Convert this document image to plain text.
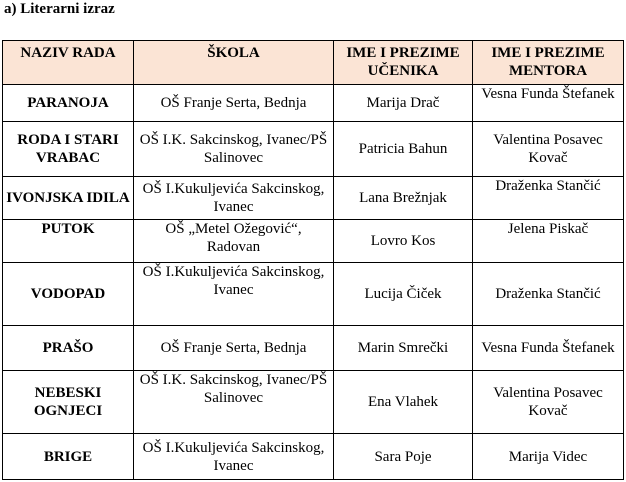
a) Literarni izraz
NAZIV RADA	ŠKOLA	IME I PREZIME UČENIKA	IME I PREZIME MENTORA
PARANOJA	OŠ Franje Serta, Bednja	Marija Drač	Vesna Funda Štefanek
RODA I STARI VRABAC	OŠ I.K. Sakcinskog, Ivanec/PŠ Salinovec	Patricia Bahun	Valentina Posavec Kovač
IVONJSKA IDILA	OŠ I.Kukuljevića Sakcinskog, Ivanec	Lana Brežnjak	Draženka Stančić
PUTOK	OŠ „Metel Ožegović“, Radovan	Lovro Kos	Jelena Piskač
VODOPAD	OŠ I.Kukuljevića Sakcinskog, Ivanec	Lucija Čiček	Draženka Stančić
PRAŠO	OŠ Franje Serta, Bednja	Marin Smrečki	Vesna Funda Štefanek
NEBESKI OGNJECI	OŠ I.K. Sakcinskog, Ivanec/PŠ Salinovec	Ena Vlahek	Valentina Posavec Kovač
BRIGE	OŠ I.Kukuljevića Sakcinskog, Ivanec	Sara Poje	Marija Videc
